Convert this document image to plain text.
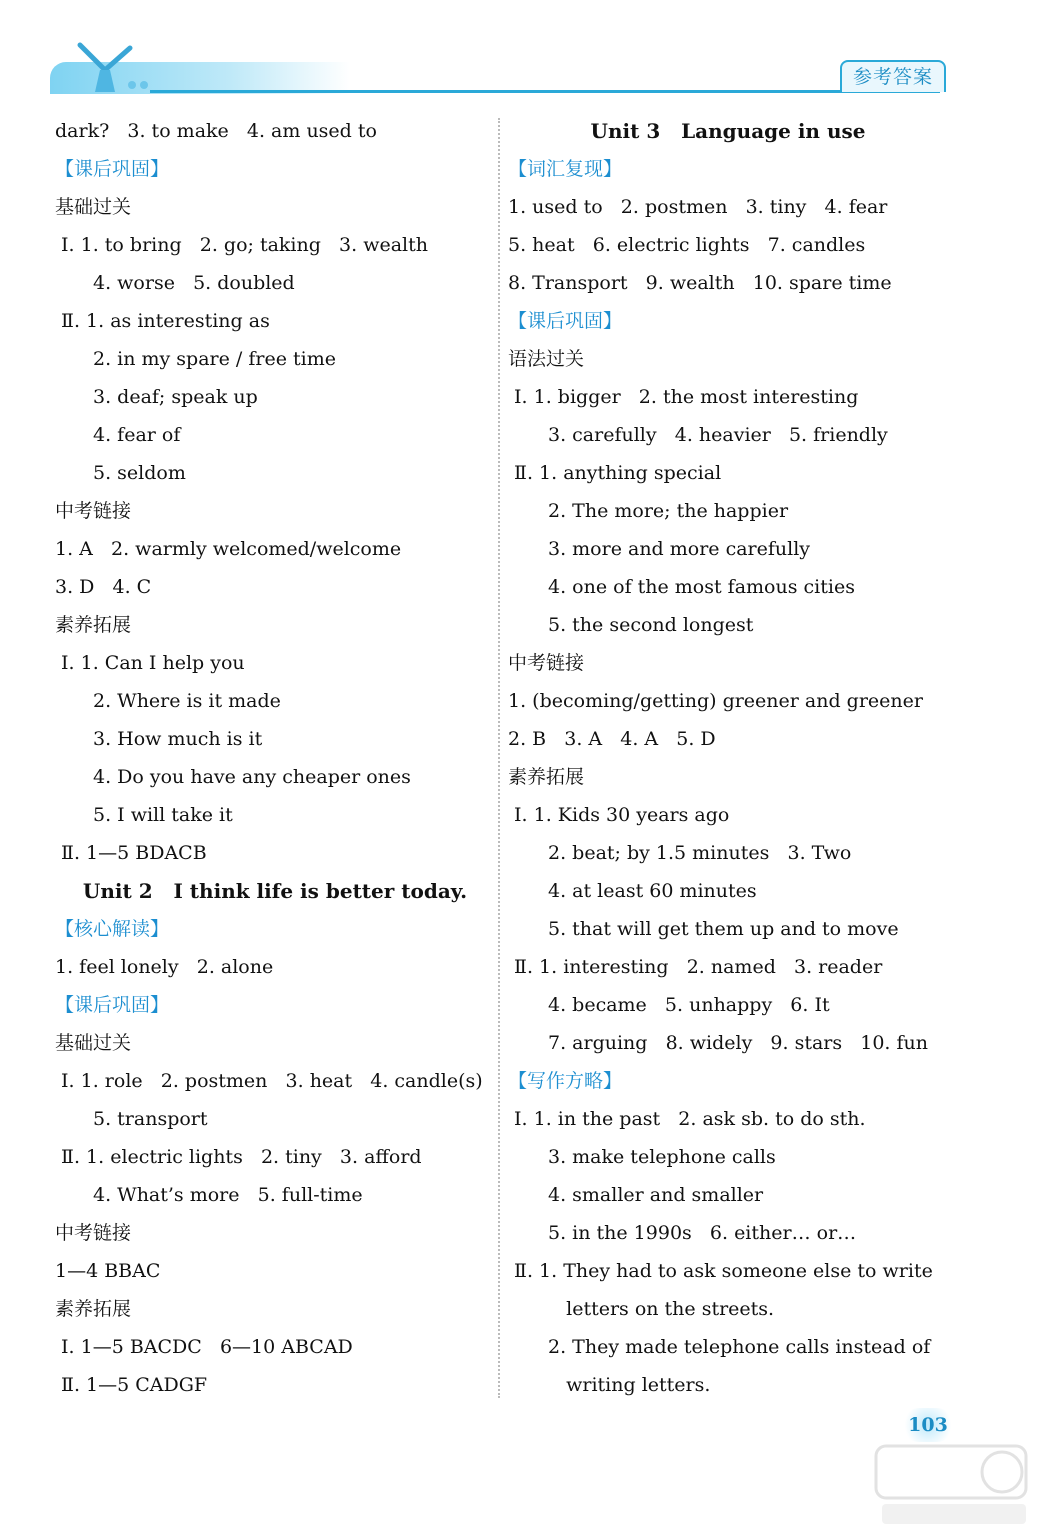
参考答案
dark?   3. to make   4. am used to
【课后巩固】
基础过关
Ⅰ. 1. to bring   2. go; taking   3. wealth
4. worse   5. doubled
Ⅱ. 1. as interesting as
2. in my spare / free time
3. deaf; speak up
4. fear of
5. seldom
中考链接
1. A   2. warmly welcomed/welcome
3. D   4. C
素养拓展
Ⅰ. 1. Can I help you
2. Where is it made
3. How much is it
4. Do you have any cheaper ones
5. I will take it
Ⅱ. 1—5 BDACB
Unit 2   I think life is better today.
【核心解读】
1. feel lonely   2. alone
【课后巩固】
基础过关
Ⅰ. 1. role   2. postmen   3. heat   4. candle(s)
5. transport
Ⅱ. 1. electric lights   2. tiny   3. afford
4. What’s more   5. full-time
中考链接
1—4 BBAC
素养拓展
Ⅰ. 1—5 BACDC   6—10 ABCAD
Ⅱ. 1—5 CADGF
Unit 3   Language in use
【词汇复现】
1. used to   2. postmen   3. tiny   4. fear
5. heat   6. electric lights   7. candles
8. Transport   9. wealth   10. spare time
【课后巩固】
语法过关
Ⅰ. 1. bigger   2. the most interesting
3. carefully   4. heavier   5. friendly
Ⅱ. 1. anything special
2. The more; the happier
3. more and more carefully
4. one of the most famous cities
5. the second longest
中考链接
1. (becoming/getting) greener and greener
2. B   3. A   4. A   5. D
素养拓展
Ⅰ. 1. Kids 30 years ago
2. beat; by 1.5 minutes   3. Two
4. at least 60 minutes
5. that will get them up and to move
Ⅱ. 1. interesting   2. named   3. reader
4. became   5. unhappy   6. It
7. arguing   8. widely   9. stars   10. fun
【写作方略】
Ⅰ. 1. in the past   2. ask sb. to do sth.
3. make telephone calls
4. smaller and smaller
5. in the 1990s   6. either… or…
Ⅱ. 1. They had to ask someone else to write
letters on the streets.
2. They made telephone calls instead of
writing letters.
103
